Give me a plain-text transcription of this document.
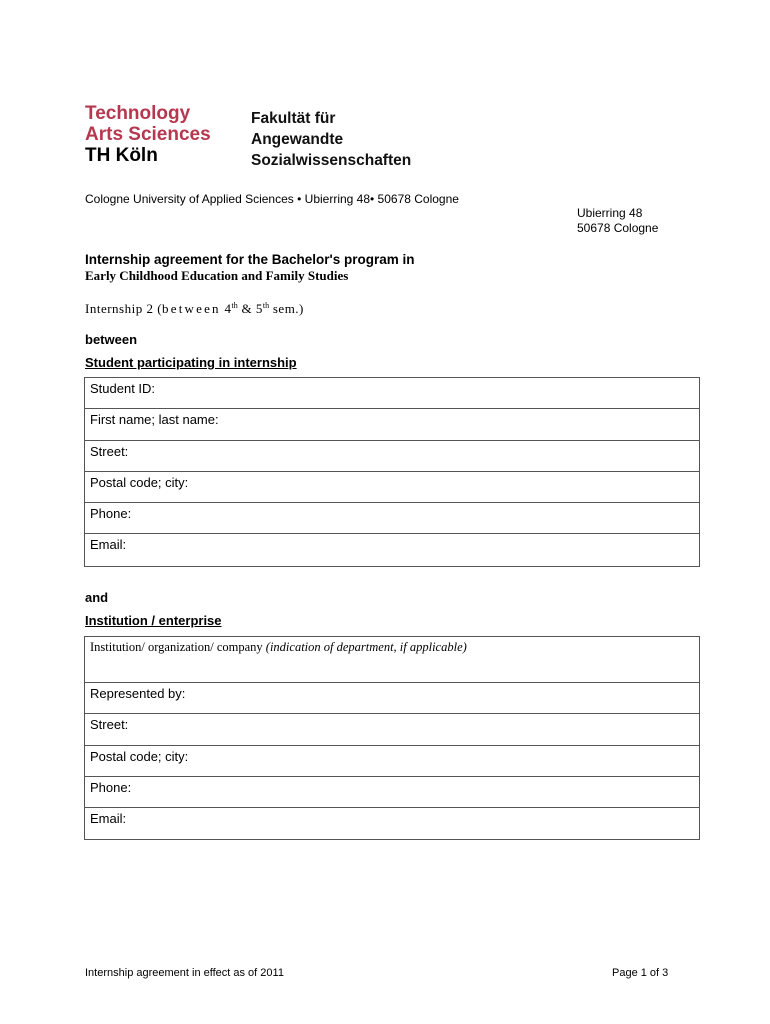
Technology
Arts Sciences
TH Köln
Fakultät für
Angewandte
Sozialwissenschaften
Cologne University of Applied Sciences • Ubierring 48• 50678 Cologne
Ubierring 48
50678 Cologne
Internship agreement for the Bachelor's program in
Early Childhood Education and Family Studies
Internship 2 (between 4th & 5th sem.)
between
Student participating in internship
Student ID:
First name; last name:
Street:
Postal code; city:
Phone:
Email:
and
Institution / enterprise
Institution/ organization/ company (indication of department, if applicable)
Represented by:
Street:
Postal code; city:
Phone:
Email:
Internship agreement in effect as of 2011	Page 1 of 3
